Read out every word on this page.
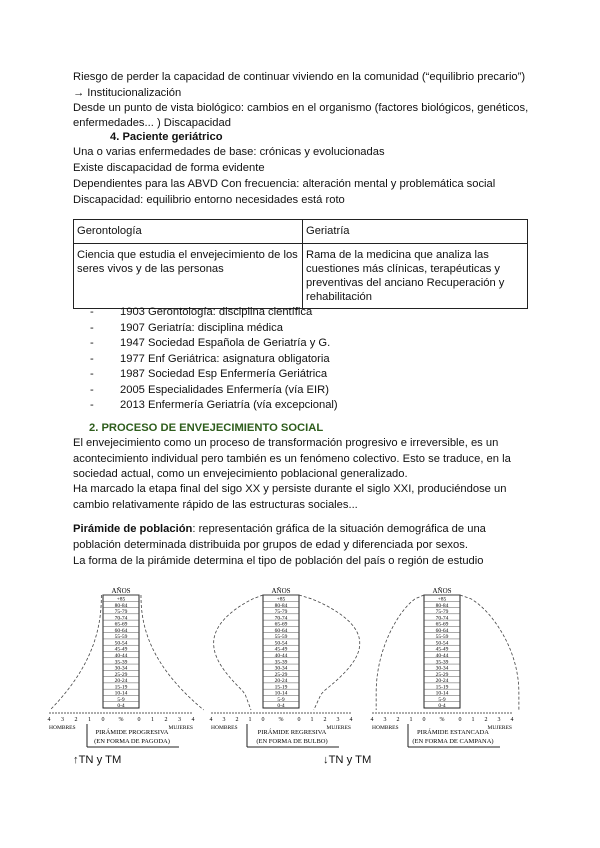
Riesgo de perder la capacidad de continuar viviendo en la comunidad (“equilibrio precario”)
→ Institucionalización
Desde un punto de vista biológico: cambios en el organismo (factores biológicos, genéticos,
enfermedades... ) Discapacidad
4. Paciente geriátrico
Una o varias enfermedades de base: crónicas y evolucionadas
Existe discapacidad de forma evidente
Dependientes para las ABVD Con frecuencia: alteración mental y problemática social
Discapacidad: equilibrio entorno necesidades está roto
Gerontología	Geriatría
Ciencia que estudia el envejecimiento de los seres vivos y de las personas	Rama de la medicina que analiza las cuestiones más clínicas, terapéuticas y preventivas del anciano Recuperación y rehabilitación
- 1903 Gerontología: disciplina científica
- 1907 Geriatría: disciplina médica
- 1947 Sociedad Española de Geriatría y G.
- 1977 Enf Geriátrica: asignatura obligatoria
- 1987 Sociedad Esp Enfermería Geriátrica
- 2005 Especialidades Enfermería (vía EIR)
- 2013 Enfermería Geriatría (vía excepcional)
2. PROCESO DE ENVEJECIMIENTO SOCIAL
El envejecimiento como un proceso de transformación progresivo e irreversible, es un
acontecimiento individual pero también es un fenómeno colectivo. Esto se traduce, en la
sociedad actual, como un envejecimiento poblacional generalizado.
Ha marcado la etapa final del sigo XX y persiste durante el siglo XXI, produciéndose un
cambio relativamente rápido de las estructuras sociales...
Pirámide de población: representación gráfica de la situación demográfica de una
población determinada distribuida por grupos de edad y diferenciada por sexos.
La forma de la pirámide determina el tipo de población del país o región de estudio
AÑOS
+85
80-84
75-79
70-74
65-69
60-64
55-59
50-54
45-49
40-44
35-39
30-34
25-29
20-24
15-19
10-14
5-9
0-4
4 3 2 1 0	0 1 2 3 4
%
HOMBRES	MUJERES
PIRÁMIDE PROGRESIVA
(EN FORMA DE PAGODA)
AÑOS
+85
80-84
75-79
70-74
65-69
60-64
55-59
50-54
45-49
40-44
35-39
30-34
25-29
20-24
15-19
10-14
5-9
0-4
4 3 2 1 0	0 1 2 3 4
%
HOMBRES	MUJERES
PIRÁMIDE REGRESIVA
(EN FORMA DE BULBO)
AÑOS
+85
80-84
75-79
70-74
65-69
60-64
55-59
50-54
45-49
40-44
35-39
30-34
25-29
20-24
15-19
10-14
5-9
0-4
4 3 2 1 0	0 1 2 3 4
%
HOMBRES	MUJERES
PIRÁMIDE ESTANCADA
(EN FORMA DE CAMPANA)
↑TN y TM	↓TN y TM
